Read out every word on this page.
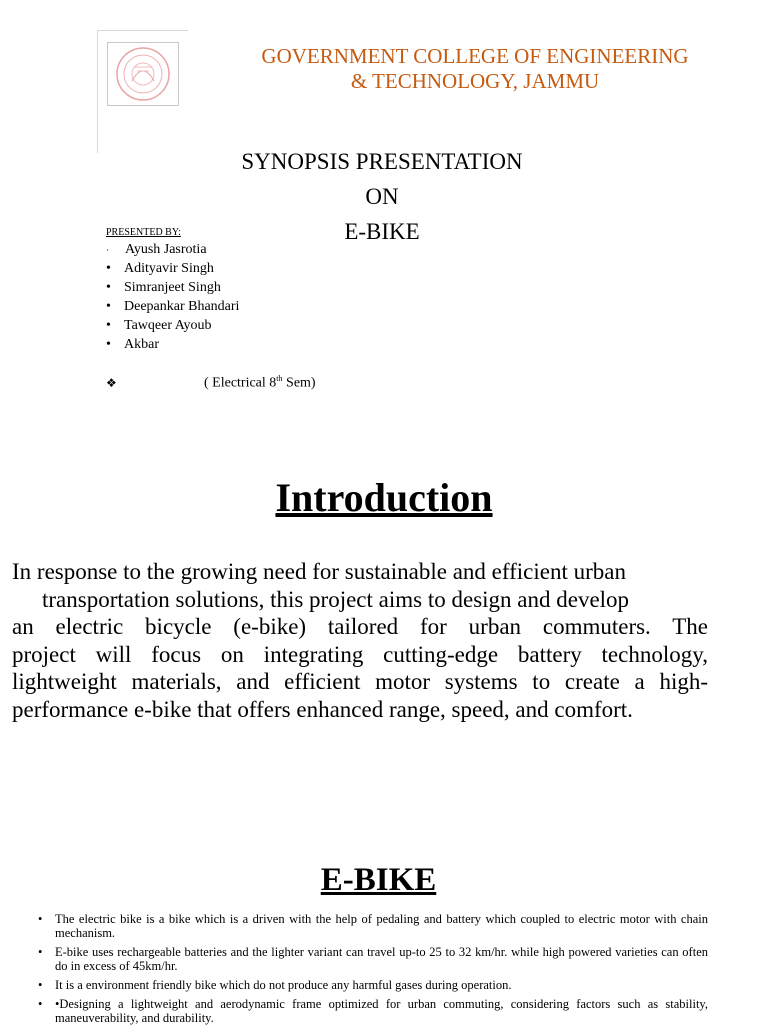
GOVERNMENT COLLEGE OF ENGINEERING
& TECHNOLOGY, JAMMU
SYNOPSIS PRESENTATION
ON
E-BIKE
PRESENTED BY:
· Ayush Jasrotia
• Adityavir Singh
• Simranjeet Singh
• Deepankar Bhandari
• Tawqeer Ayoub
• Akbar
❖	( Electrical 8th Sem)
Introduction
In response to the growing need for sustainable and efficient urban
transportation solutions, this project aims to design and develop
an electric bicycle (e-bike) tailored for urban commuters. The
project will focus on integrating cutting-edge battery technology,
lightweight materials, and efficient motor systems to create a high-
performance e-bike that offers enhanced range, speed, and comfort.
E-BIKE
• The electric bike is a bike which is a driven with the help of pedaling and battery which coupled to electric motor with chain mechanism.
• E-bike uses rechargeable batteries and the lighter variant can travel up-to 25 to 32 km/hr. while high powered varieties can often do in excess of 45km/hr.
• It is a environment friendly bike which do not produce any harmful gases during operation.
• •Designing a lightweight and aerodynamic frame optimized for urban commuting, considering factors such as stability, maneuverability, and durability.
